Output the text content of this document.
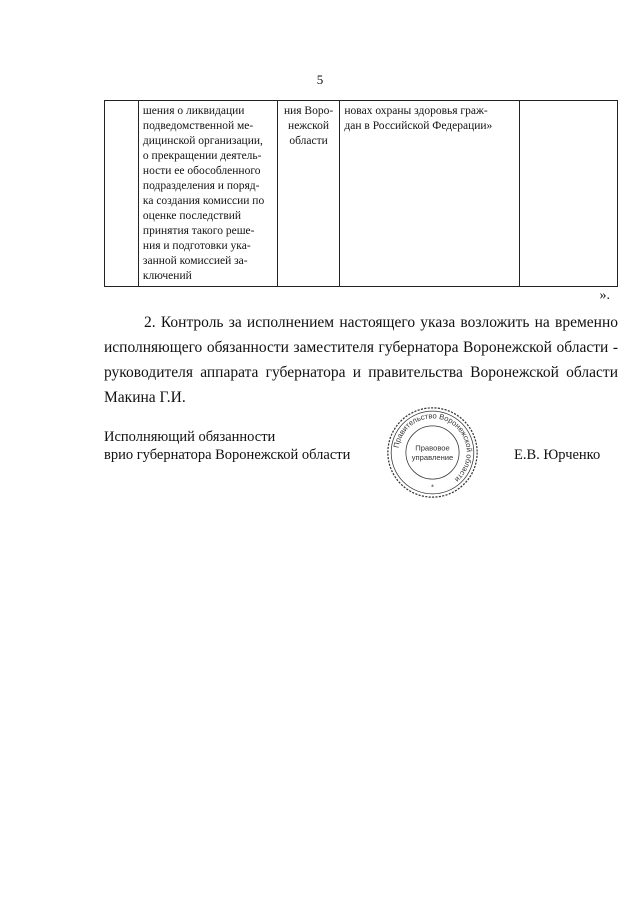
5

шения о ликвидации
подведомственной ме-
дицинской организации,
о прекращении деятель-
ности ее обособленного
подразделения и поряд-
ка создания комиссии по
оценке последствий
принятия такого реше-
ния и подготовки ука-
занной комиссией за-
ключений

ния Воро-
нежской
области

новах охраны здоровья граж-
дан в Российской Федерации»

».

2. Контроль за исполнением настоящего указа возложить на временно исполняющего обязанности заместителя губернатора Воронежской области - руководителя аппарата губернатора и правительства Воронежской области Макина Г.И.

Исполняющий обязанности
врио губернатора Воронежской области
Правительство Воронежской области
Правовое
управление
*
Е.В. Юрченко
